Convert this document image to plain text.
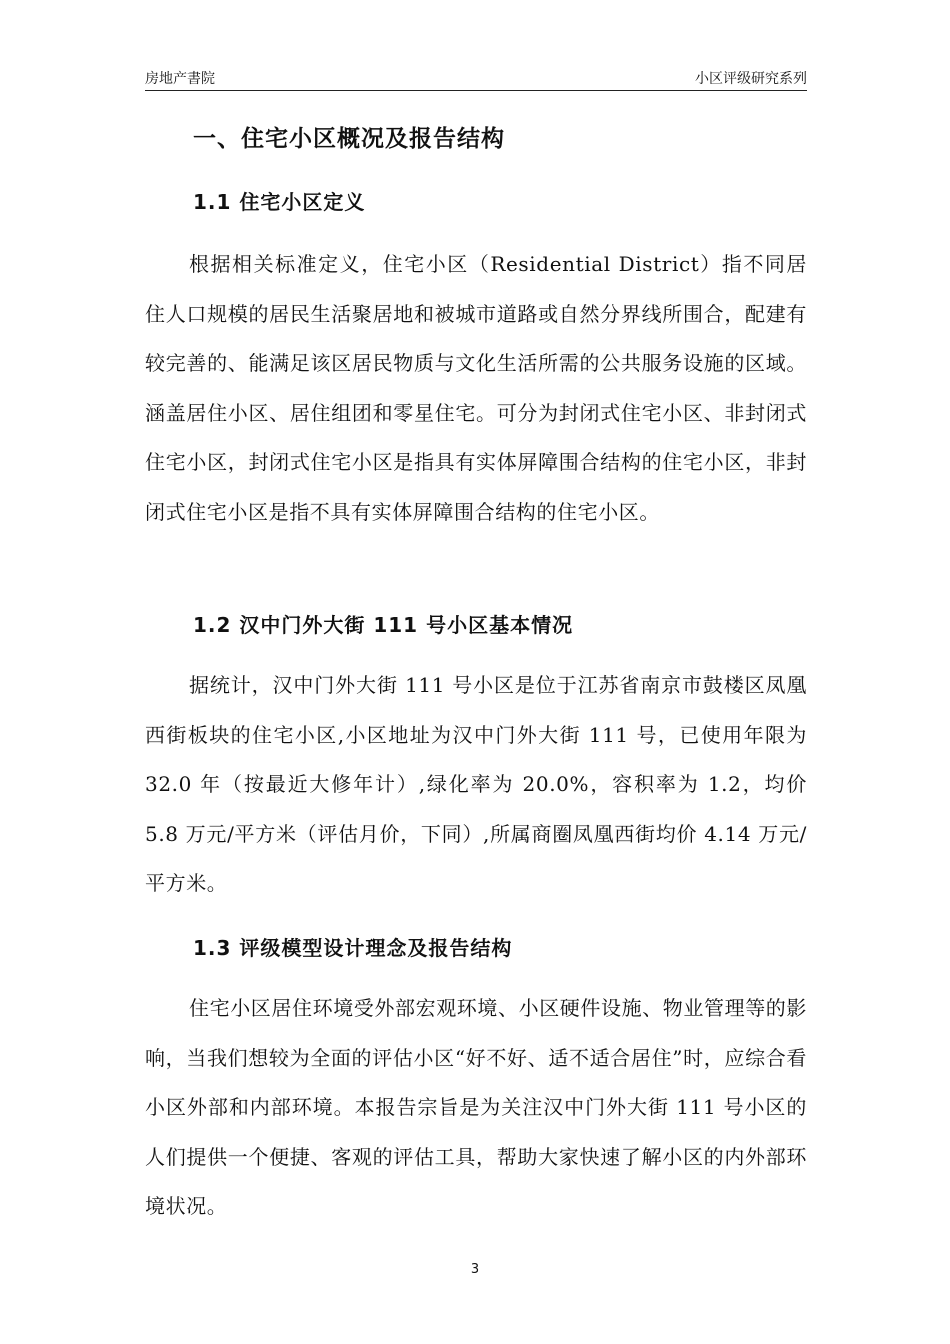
房地产書院	小区评级研究系列
一、住宅小区概况及报告结构
1.1 住宅小区定义

根据相关标准定义，住宅小区（Residential District）指不同居住人口规模的居民生活聚居地和被城市道路或自然分界线所围合，配建有较完善的、能满足该区居民物质与文化生活所需的公共服务设施的区域。涵盖居住小区、居住组团和零星住宅。可分为封闭式住宅小区、非封闭式住宅小区，封闭式住宅小区是指具有实体屏障围合结构的住宅小区，非封闭式住宅小区是指不具有实体屏障围合结构的住宅小区。

1.2 汉中门外大街 111 号小区基本情况

据统计，汉中门外大街 111 号小区是位于江苏省南京市鼓楼区凤凰西街板块的住宅小区,小区地址为汉中门外大街 111 号，已使用年限为 32.0 年（按最近大修年计）,绿化率为 20.0%，容积率为 1.2，均价 5.8 万元/平方米（评估月价，下同）,所属商圈凤凰西街均价 4.14 万元/平方米。

1.3 评级模型设计理念及报告结构

住宅小区居住环境受外部宏观环境、小区硬件设施、物业管理等的影响，当我们想较为全面的评估小区“好不好、适不适合居住”时，应综合看小区外部和内部环境。本报告宗旨是为关注汉中门外大街 111 号小区的人们提供一个便捷、客观的评估工具，帮助大家快速了解小区的内外部环境状况。

3
